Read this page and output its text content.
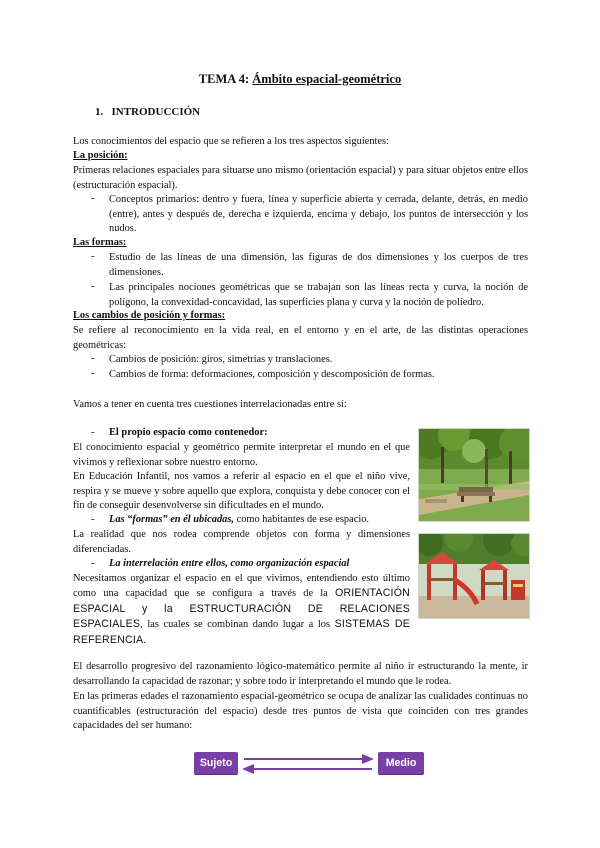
TEMA 4: Ámbito espacial-geométrico
1. INTRODUCCIÓN
Los conocimientos del espacio que se refieren a los tres aspectos siguientes:
La posición:
Primeras relaciones espaciales para situarse uno mismo (orientación espacial) y para situar objetos entre ellos (estructuración espacial).
- Conceptos primarios: dentro y fuera, línea y superficie abierta y cerrada, delante, detrás, en medio (entre), antes y después de, derecha e izquierda, encima y debajo, los puntos de intersección y los nudos.
Las formas:
- Estudio de las líneas de una dimensión, las figuras de dos dimensiones y los cuerpos de tres dimensiones.
- Las principales nociones geométricas que se trabajan son las líneas recta y curva, la noción de polígono, la convexidad-concavidad, las superficies plana y curva y la noción de poliedro.
Los cambios de posición y formas:
Se refiere al reconocimiento en la vida real, en el entorno y en el arte, de las distintas operaciones geométricas:
- Cambios de posición: giros, simetrías y translaciones.
- Cambios de forma: deformaciones, composición y descomposición de formas.
Vamos a tener en cuenta tres cuestiones interrelacionadas entre sí:
- El propio espacio como contenedor:
El conocimiento espacial y geométrico permite interpretar el mundo en el que vivimos y reflexionar sobre nuestro entorno.
En Educación Infantil, nos vamos a referir al espacio en el que el niño vive, respira y se mueve y sobre aquello que explora, conquista y debe conocer con el fin de conseguir desenvolverse sin dificultades en el mundo.
- Las “formas” en él ubicadas, como habitantes de ese espacio.
La realidad que nos rodea comprende objetos con forma y dimensiones diferenciadas.
- La interrelación entre ellos, como organización espacial
Necesitamos organizar el espacio en el que vivimos, entendiendo esto último como una capacidad que se configura a través de la ORIENTACIÓN ESPACIAL y la ESTRUCTURACIÓN DE RELACIONES ESPACIALES, las cuales se combinan dando lugar a los SISTEMAS DE REFERENCIA.
El desarrollo progresivo del razonamiento lógico-matemático permite al niño ir estructurando la mente, ir desarrollando la capacidad de razonar; y sobre todo ir interpretando el mundo que le rodea.
En las primeras edades el razonamiento espacial-geométrico se ocupa de analizar las cualidades continuas no cuantificables (estructuración del espacio) desde tres puntos de vista que coinciden con tres grandes capacidades del ser humano:
Sujeto	Medio
